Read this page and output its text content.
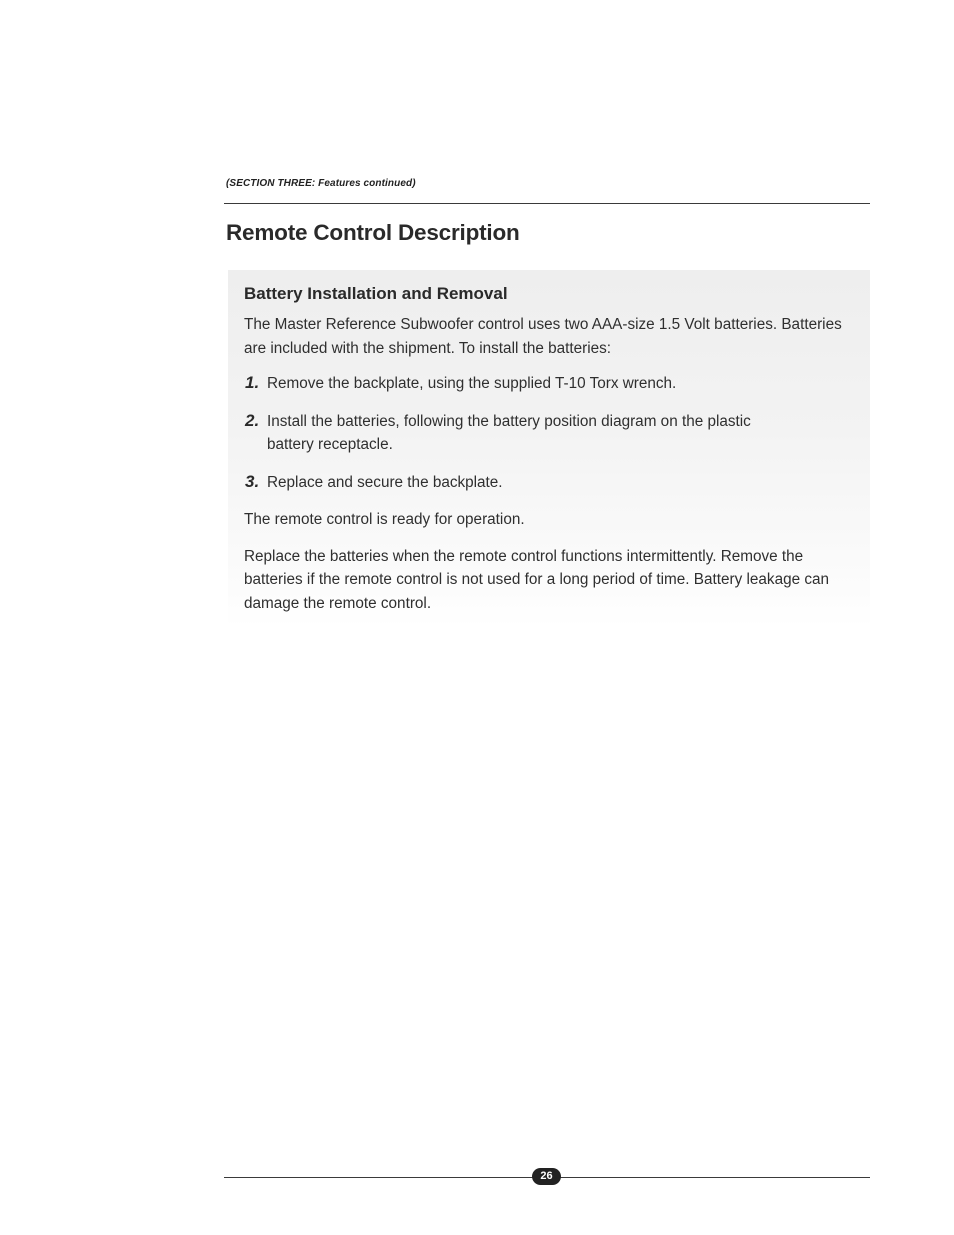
(SECTION THREE: Features continued)
Remote Control Description
Battery Installation and Removal

The Master Reference Subwoofer control uses two AAA-size 1.5 Volt batteries. Batteries are included with the shipment. To install the batteries:

1. Remove the backplate, using the supplied T-10 Torx wrench.
2. Install the batteries, following the battery position diagram on the plastic battery receptacle.
3. Replace and secure the backplate.

The remote control is ready for operation.

Replace the batteries when the remote control functions intermittently. Remove the batteries if the remote control is not used for a long period of time. Battery leakage can damage the remote control.

26
